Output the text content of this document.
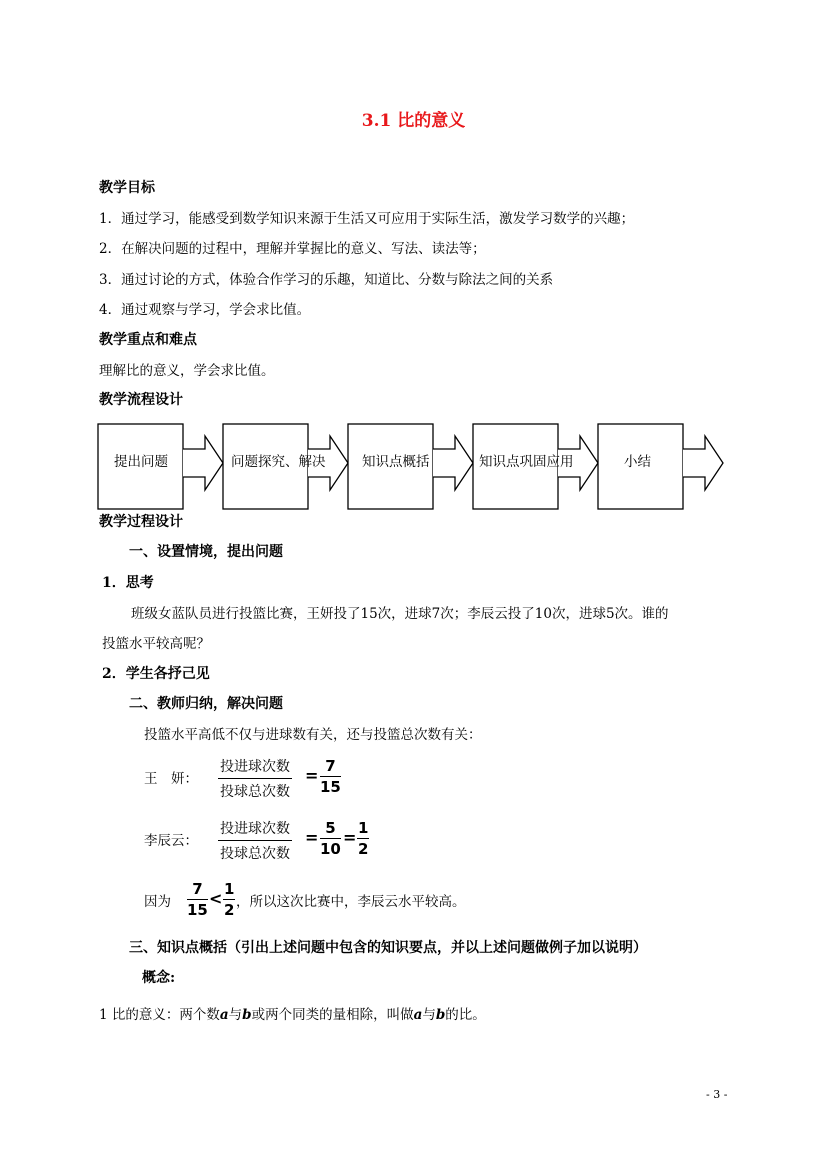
3.1 比的意义
教学目标
1．通过学习，能感受到数学知识来源于生活又可应用于实际生活，激发学习数学的兴趣；
2．在解决问题的过程中，理解并掌握比的意义、写法、读法等；
3．通过讨论的方式，体验合作学习的乐趣，知道比、分数与除法之间的关系
4．通过观察与学习，学会求比值。
教学重点和难点
理解比的意义，学会求比值。
教学流程设计
提出问题	问题探究、解决	知识点概括	知识点巩固应用	小结
教学过程设计
一、设置情境，提出问题
1．思考
班级女蓝队员进行投篮比赛，王妍投了15次，进球7次；李辰云投了10次，进球5次。谁的
投篮水平较高呢？
2．学生各抒己见
二、教师归纳，解决问题
投篮水平高低不仅与进球数有关，还与投篮总次数有关：
王　妍：
投进球次数
投球总次数
= $\frac{7}{15}$
李辰云：
投进球次数
投球总次数
= $\frac{5}{10} = \frac{1}{2}$
因为 $\frac{7}{15} < \frac{1}{2}$ ，所以这次比赛中，李辰云水平较高。
三、知识点概括（引出上述问题中包含的知识要点，并以上述问题做例子加以说明）
概念:
1 比的意义：两个数a与b或两个同类的量相除，叫做a与b的比。
- 3 -
